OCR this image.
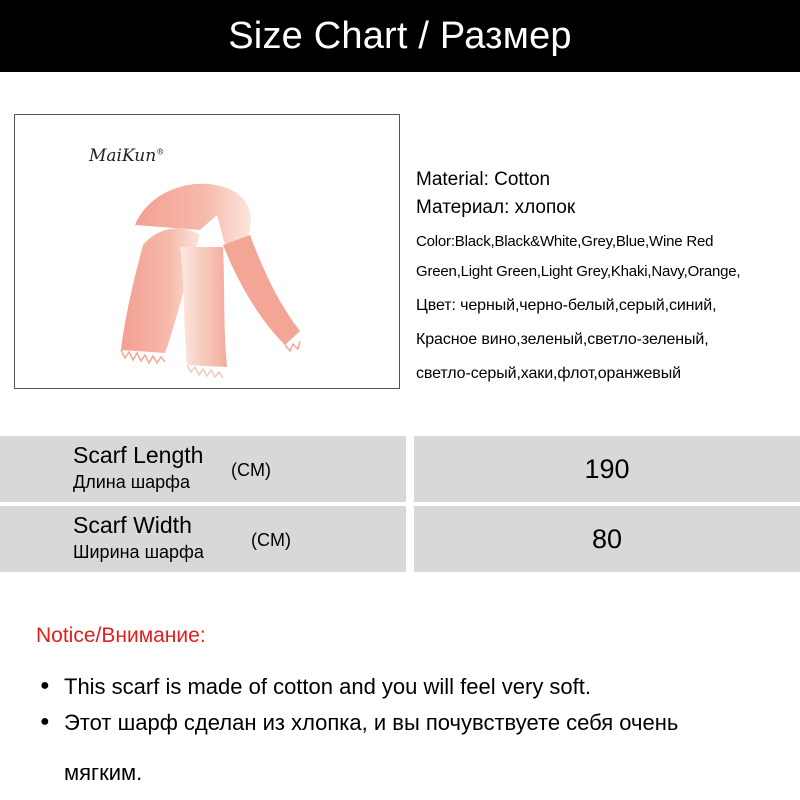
Size Chart / Размер
MaiKun®
Material: Cotton
Материал: хлопок
Color:Black,Black&White,Grey,Blue,Wine Red
Green,Light Green,Light Grey,Khaki,Navy,Orange,
Цвет: черный,черно-белый,серый,синий,
Красное вино,зеленый,светло-зеленый,
светло-серый,хаки,флот,оранжевый
Scarf Length
Длина шарфа
(CM)	190
Scarf Width
Ширина шарфа
(CM)	80
Notice/Внимание:
● This scarf is made of cotton and you will feel very soft.
● Этот шарф сделан из хлопка, и вы почувствуете себя очень
мягким.
